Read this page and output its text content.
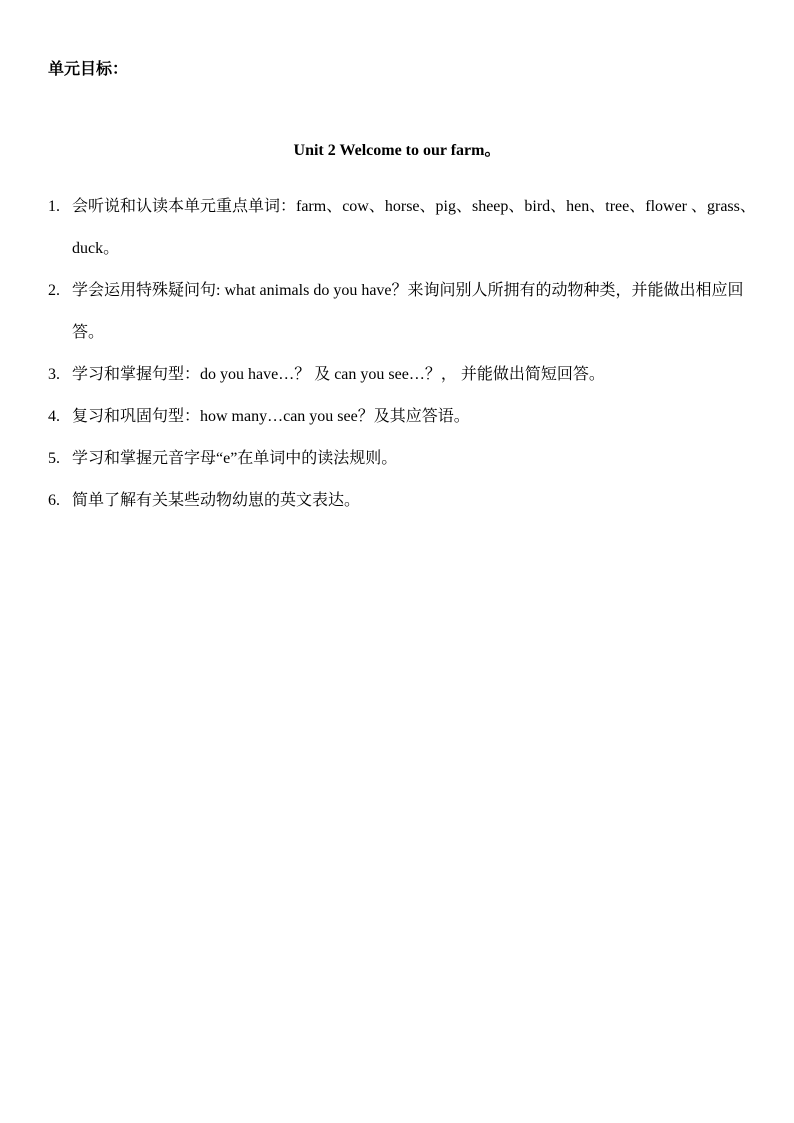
单元目标：
Unit 2 Welcome to our farm。
1. 会听说和认读本单元重点单词：farm、cow、horse、pig、sheep、bird、hen、tree、flower 、grass、duck。
2. 学会运用特殊疑问句: what animals do you have？来询问别人所拥有的动物种类，并能做出相应回答。
3. 学习和掌握句型：do you have…？ 及 can you see…？， 并能做出简短回答。
4. 复习和巩固句型：how many…can you see？及其应答语。
5. 学习和掌握元音字母“e”在单词中的读法规则。
6. 简单了解有关某些动物幼崽的英文表达。
